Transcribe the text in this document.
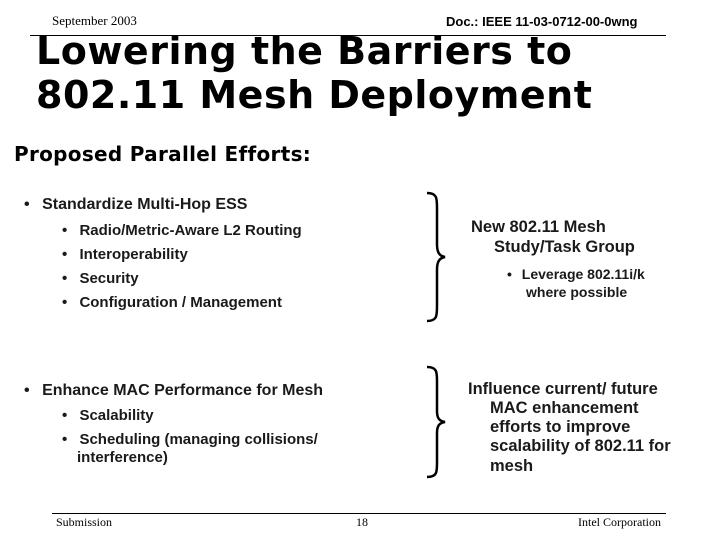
September 2003	Doc.: IEEE 11-03-0712-00-0wng
Lowering the Barriers to
802.11 Mesh Deployment
Proposed Parallel Efforts:
• Standardize Multi-Hop ESS
• Radio/Metric-Aware L2 Routing
• Interoperability
• Security
• Configuration / Management
New 802.11 Mesh
Study/Task Group
• Leverage 802.11i/k
where possible
• Enhance MAC Performance for Mesh
• Scalability
• Scheduling (managing collisions/
interference)
Influence current/ future
MAC enhancement
efforts to improve
scalability of 802.11 for
mesh
Submission	18	Intel Corporation
